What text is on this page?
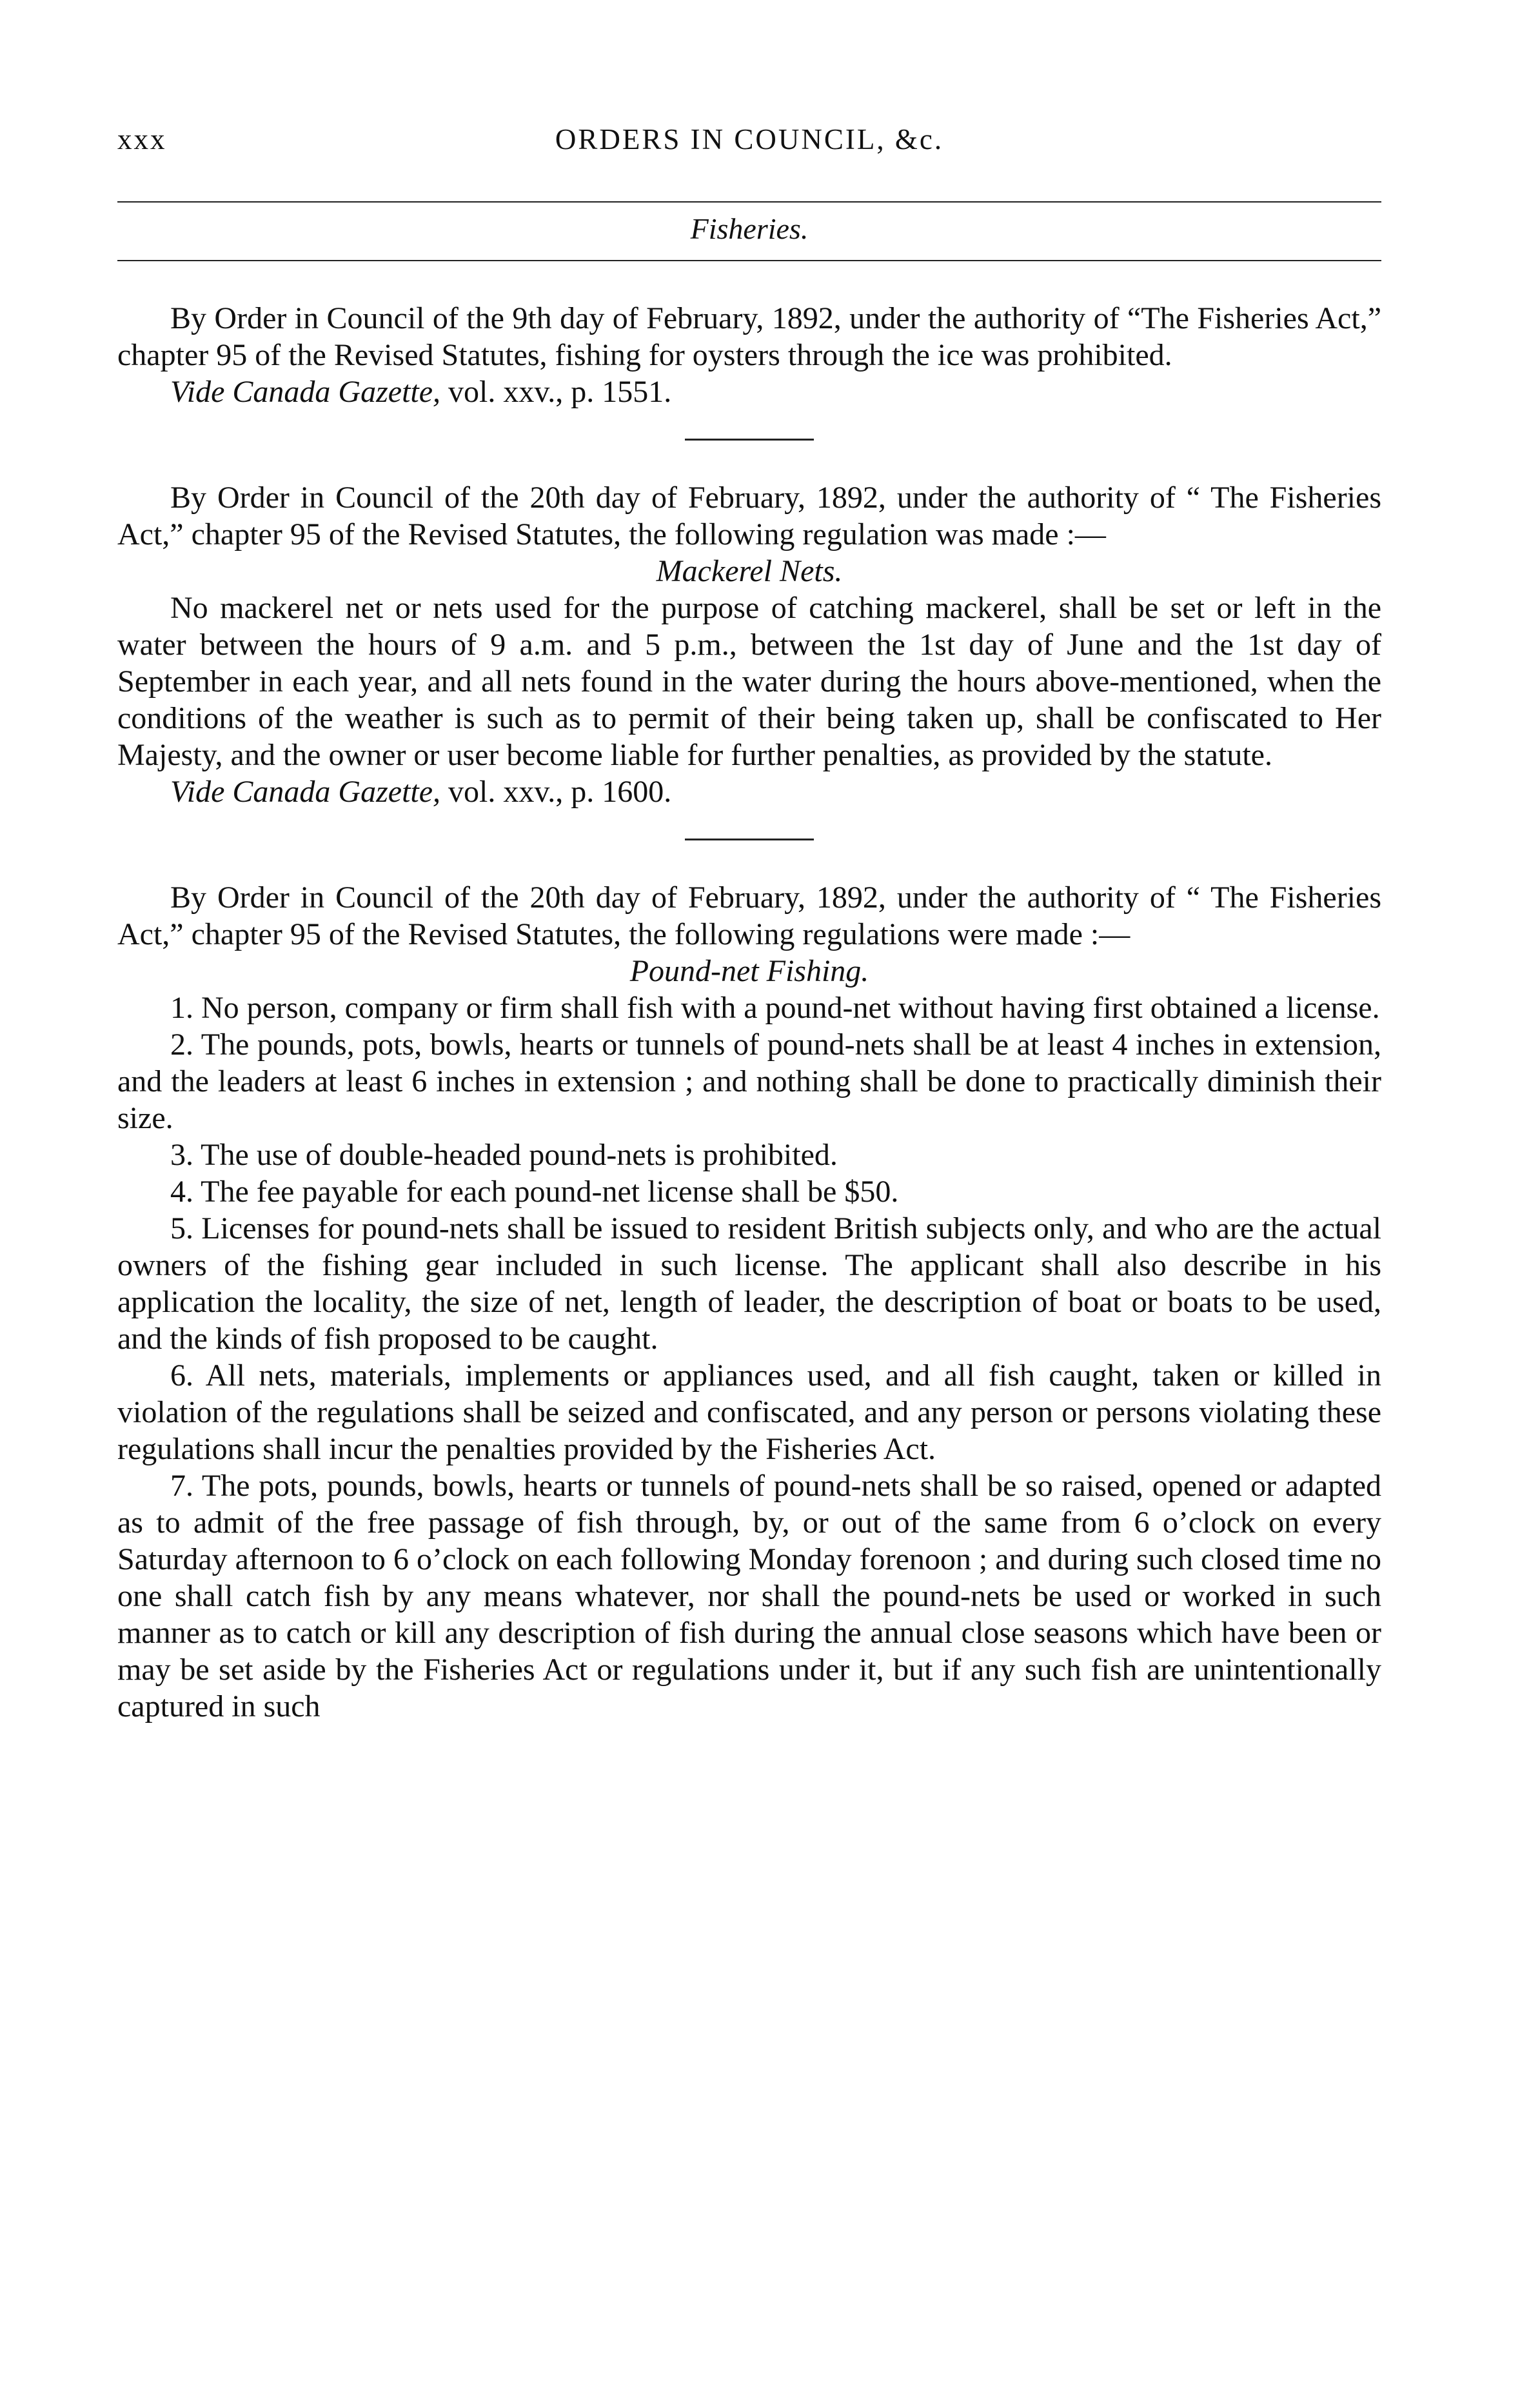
xxx	ORDERS IN COUNCIL, &c.
Fisheries.

By Order in Council of the 9th day of February, 1892, under the authority of “The Fisheries Act,” chapter 95 of the Revised Statutes, fishing for oysters through the ice was prohibited.

Vide Canada Gazette, vol. xxv., p. 1551.

By Order in Council of the 20th day of February, 1892, under the authority of “ The Fisheries Act,” chapter 95 of the Revised Statutes, the following regulation was made :—

Mackerel Nets.

No mackerel net or nets used for the purpose of catching mackerel, shall be set or left in the water between the hours of 9 a.m. and 5 p.m., between the 1st day of June and the 1st day of September in each year, and all nets found in the water during the hours above-mentioned, when the conditions of the weather is such as to permit of their being taken up, shall be confiscated to Her Majesty, and the owner or user become liable for further penalties, as provided by the statute.

Vide Canada Gazette, vol. xxv., p. 1600.

By Order in Council of the 20th day of February, 1892, under the authority of “ The Fisheries Act,” chapter 95 of the Revised Statutes, the following regulations were made :—

Pound-net Fishing.

1. No person, company or firm shall fish with a pound-net without having first obtained a license.

2. The pounds, pots, bowls, hearts or tunnels of pound-nets shall be at least 4 inches in extension, and the leaders at least 6 inches in extension ; and nothing shall be done to practically diminish their size.

3. The use of double-headed pound-nets is prohibited.

4. The fee payable for each pound-net license shall be $50.

5. Licenses for pound-nets shall be issued to resident British subjects only, and who are the actual owners of the fishing gear included in such license. The applicant shall also describe in his application the locality, the size of net, length of leader, the description of boat or boats to be used, and the kinds of fish proposed to be caught.

6. All nets, materials, implements or appliances used, and all fish caught, taken or killed in violation of the regulations shall be seized and confiscated, and any person or persons violating these regulations shall incur the penalties provided by the Fisheries Act.

7. The pots, pounds, bowls, hearts or tunnels of pound-nets shall be so raised, opened or adapted as to admit of the free passage of fish through, by, or out of the same from 6 o’clock on every Saturday afternoon to 6 o’clock on each following Monday forenoon ; and during such closed time no one shall catch fish by any means whatever, nor shall the pound-nets be used or worked in such manner as to catch or kill any description of fish during the annual close seasons which have been or may be set aside by the Fisheries Act or regulations under it, but if any such fish are unintentionally captured in such
